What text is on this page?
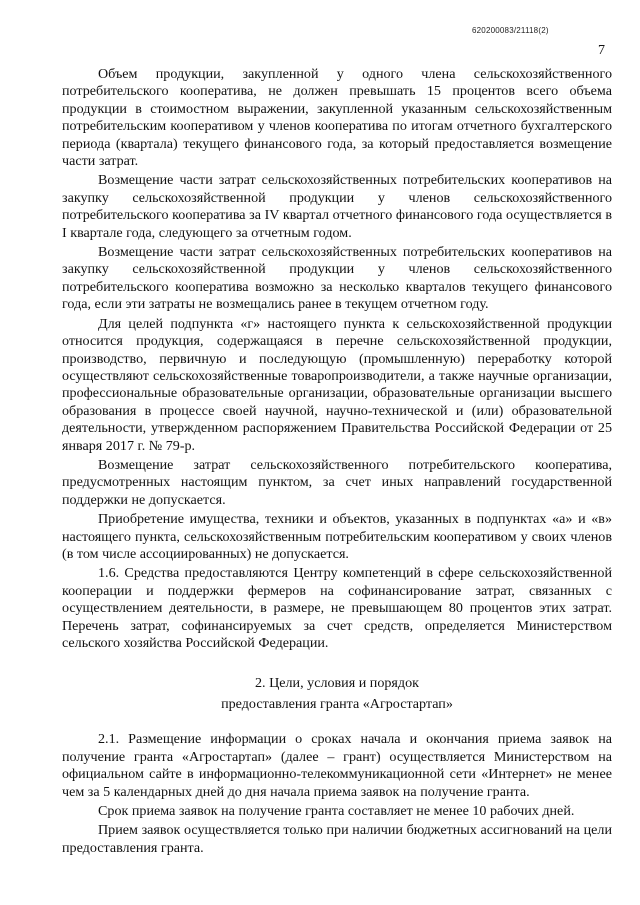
620200083/21118(2)
7

Объем продукции, закупленной у одного члена сельскохозяйственного потребительского кооператива, не должен превышать 15 процентов всего объема продукции в стоимостном выражении, закупленной указанным сельскохозяйственным потребительским кооперативом у членов кооператива по итогам отчетного бухгалтерского периода (квартала) текущего финансового года, за который предоставляется возмещение части затрат.

Возмещение части затрат сельскохозяйственных потребительских кооперативов на закупку сельскохозяйственной продукции у членов сельскохозяйственного потребительского кооператива за IV квартал отчетного финансового года осуществляется в I квартале года, следующего за отчетным годом.

Возмещение части затрат сельскохозяйственных потребительских кооперативов на закупку сельскохозяйственной продукции у членов сельскохозяйственного потребительского кооператива возможно за несколько кварталов текущего финансового года, если эти затраты не возмещались ранее в текущем отчетном году.

Для целей подпункта «г» настоящего пункта к сельскохозяйственной продукции относится продукция, содержащаяся в перечне сельскохозяйственной продукции, производство, первичную и последующую (промышленную) переработку которой осуществляют сельскохозяйственные товаропроизводители, а также научные организации, профессиональные образовательные организации, образовательные организации высшего образования в процессе своей научной, научно-технической и (или) образовательной деятельности, утвержденном распоряжением Правительства Российской Федерации от 25 января 2017 г. № 79-р.

Возмещение затрат сельскохозяйственного потребительского кооператива, предусмотренных настоящим пунктом, за счет иных направлений государственной поддержки не допускается.

Приобретение имущества, техники и объектов, указанных в подпунктах «а» и «в» настоящего пункта, сельскохозяйственным потребительским кооперативом у своих членов (в том числе ассоциированных) не допускается.

1.6. Средства предоставляются Центру компетенций в сфере сельскохозяйственной кооперации и поддержки фермеров на софинансирование затрат, связанных с осуществлением деятельности, в размере, не превышающем 80 процентов этих затрат. Перечень затрат, софинансируемых за счет средств, определяется Министерством сельского хозяйства Российской Федерации.

2. Цели, условия и порядок
предоставления гранта «Агростартап»

2.1. Размещение информации о сроках начала и окончания приема заявок на получение гранта «Агростартап» (далее – грант) осуществляется Министерством на официальном сайте в информационно-телекоммуникационной сети «Интернет» не менее чем за 5 календарных дней до дня начала приема заявок на получение гранта.

Срок приема заявок на получение гранта составляет не менее 10 рабочих дней.

Прием заявок осуществляется только при наличии бюджетных ассигнований на цели предоставления гранта.
